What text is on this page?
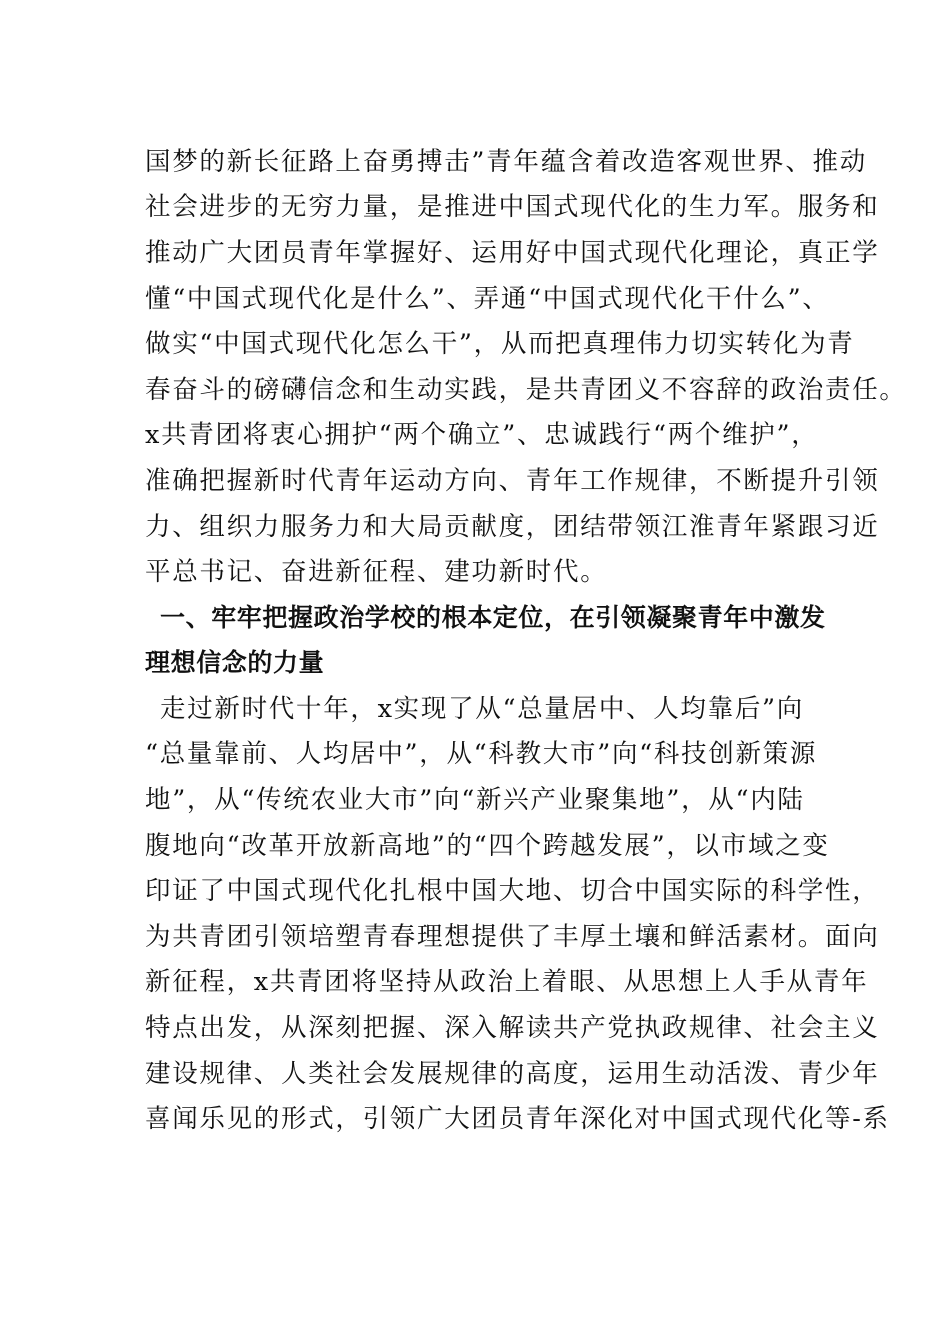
国梦的新长征路上奋勇搏击”青年蕴含着改造客观世界、推动
社会进步的无穷力量，是推进中国式现代化的生力军。服务和
推动广大团员青年掌握好、运用好中国式现代化理论，真正学
懂“中国式现代化是什么”、弄通“中国式现代化干什么”、
做实“中国式现代化怎么干”，从而把真理伟力切实转化为青
春奋斗的磅礴信念和生动实践，是共青团义不容辞的政治责任。
x共青团将衷心拥护“两个确立”、忠诚践行“两个维护”，
准确把握新时代青年运动方向、青年工作规律，不断提升引领
力、组织力服务力和大局贡献度，团结带领江淮青年紧跟习近
平总书记、奋进新征程、建功新时代。
一、牢牢把握政治学校的根本定位，在引领凝聚青年中激发
理想信念的力量
走过新时代十年，x实现了从“总量居中、人均靠后”向
“总量靠前、人均居中”，从“科教大市”向“科技创新策源
地”，从“传统农业大市”向“新兴产业聚集地”，从“内陆
腹地向“改革开放新高地”的“四个跨越发展”，以市域之变
印证了中国式现代化扎根中国大地、切合中国实际的科学性，
为共青团引领培塑青春理想提供了丰厚土壤和鲜活素材。面向
新征程，x共青团将坚持从政治上着眼、从思想上人手从青年
特点出发，从深刻把握、深入解读共产党执政规律、社会主义
建设规律、人类社会发展规律的高度，运用生动活泼、青少年
喜闻乐见的形式，引领广大团员青年深化对中国式现代化等-系
